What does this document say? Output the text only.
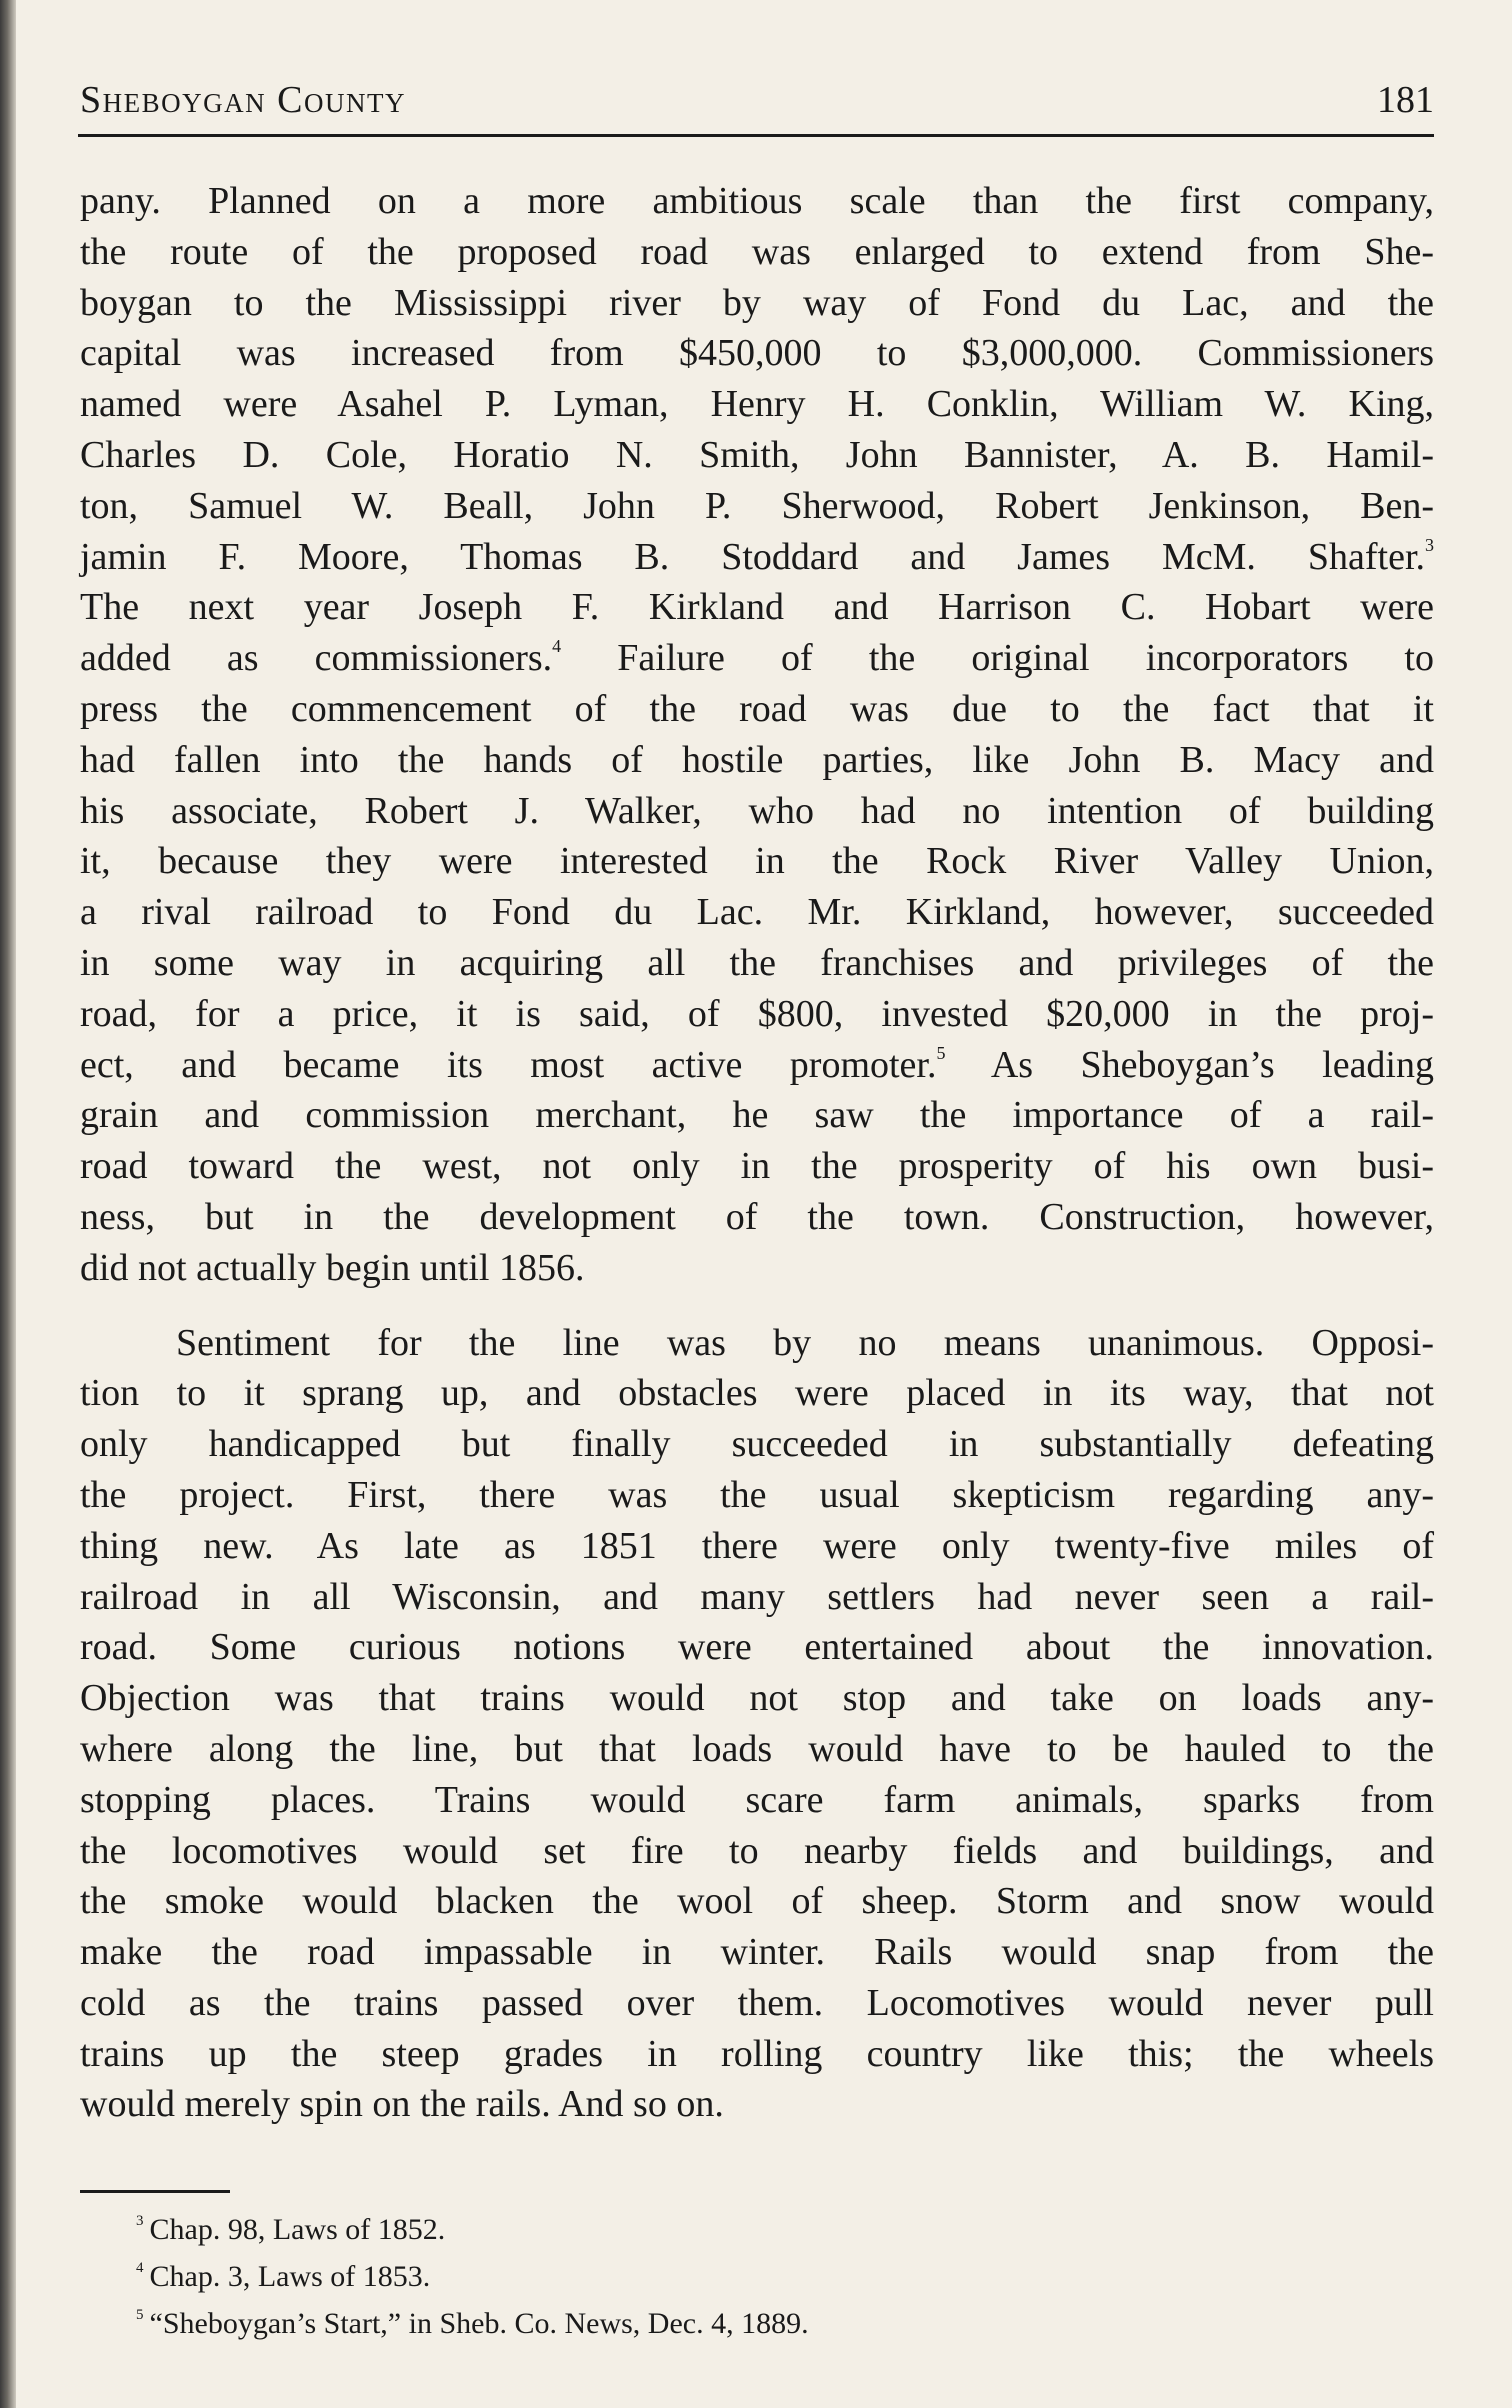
Sheboygan County	181

pany. Planned on a more ambitious scale than the first company,
the route of the proposed road was enlarged to extend from She-
boygan to the Mississippi river by way of Fond du Lac, and the
capital was increased from $450,000 to $3,000,000. Commissioners
named were Asahel P. Lyman, Henry H. Conklin, William W. King,
Charles D. Cole, Horatio N. Smith, John Bannister, A. B. Hamil-
ton, Samuel W. Beall, John P. Sherwood, Robert Jenkinson, Ben-
jamin F. Moore, Thomas B. Stoddard and James McM. Shafter.$^3$
The next year Joseph F. Kirkland and Harrison C. Hobart were
added as commissioners.$^4$ Failure of the original incorporators to
press the commencement of the road was due to the fact that it
had fallen into the hands of hostile parties, like John B. Macy and
his associate, Robert J. Walker, who had no intention of building
it, because they were interested in the Rock River Valley Union,
a rival railroad to Fond du Lac. Mr. Kirkland, however, succeeded
in some way in acquiring all the franchises and privileges of the
road, for a price, it is said, of $800, invested $20,000 in the proj-
ect, and became its most active promoter.$^5$ As Sheboygan’s leading
grain and commission merchant, he saw the importance of a rail-
road toward the west, not only in the prosperity of his own busi-
ness, but in the development of the town. Construction, however,
did not actually begin until 1856.

Sentiment for the line was by no means unanimous. Opposi-
tion to it sprang up, and obstacles were placed in its way, that not
only handicapped but finally succeeded in substantially defeating
the project. First, there was the usual skepticism regarding any-
thing new. As late as 1851 there were only twenty-five miles of
railroad in all Wisconsin, and many settlers had never seen a rail-
road. Some curious notions were entertained about the innovation.
Objection was that trains would not stop and take on loads any-
where along the line, but that loads would have to be hauled to the
stopping places. Trains would scare farm animals, sparks from
the locomotives would set fire to nearby fields and buildings, and
the smoke would blacken the wool of sheep. Storm and snow would
make the road impassable in winter. Rails would snap from the
cold as the trains passed over them. Locomotives would never pull
trains up the steep grades in rolling country like this; the wheels
would merely spin on the rails. And so on.

$^3$ Chap. 98, Laws of 1852.
$^4$ Chap. 3, Laws of 1853.
$^5$ “Sheboygan’s Start,” in Sheb. Co. News, Dec. 4, 1889.
